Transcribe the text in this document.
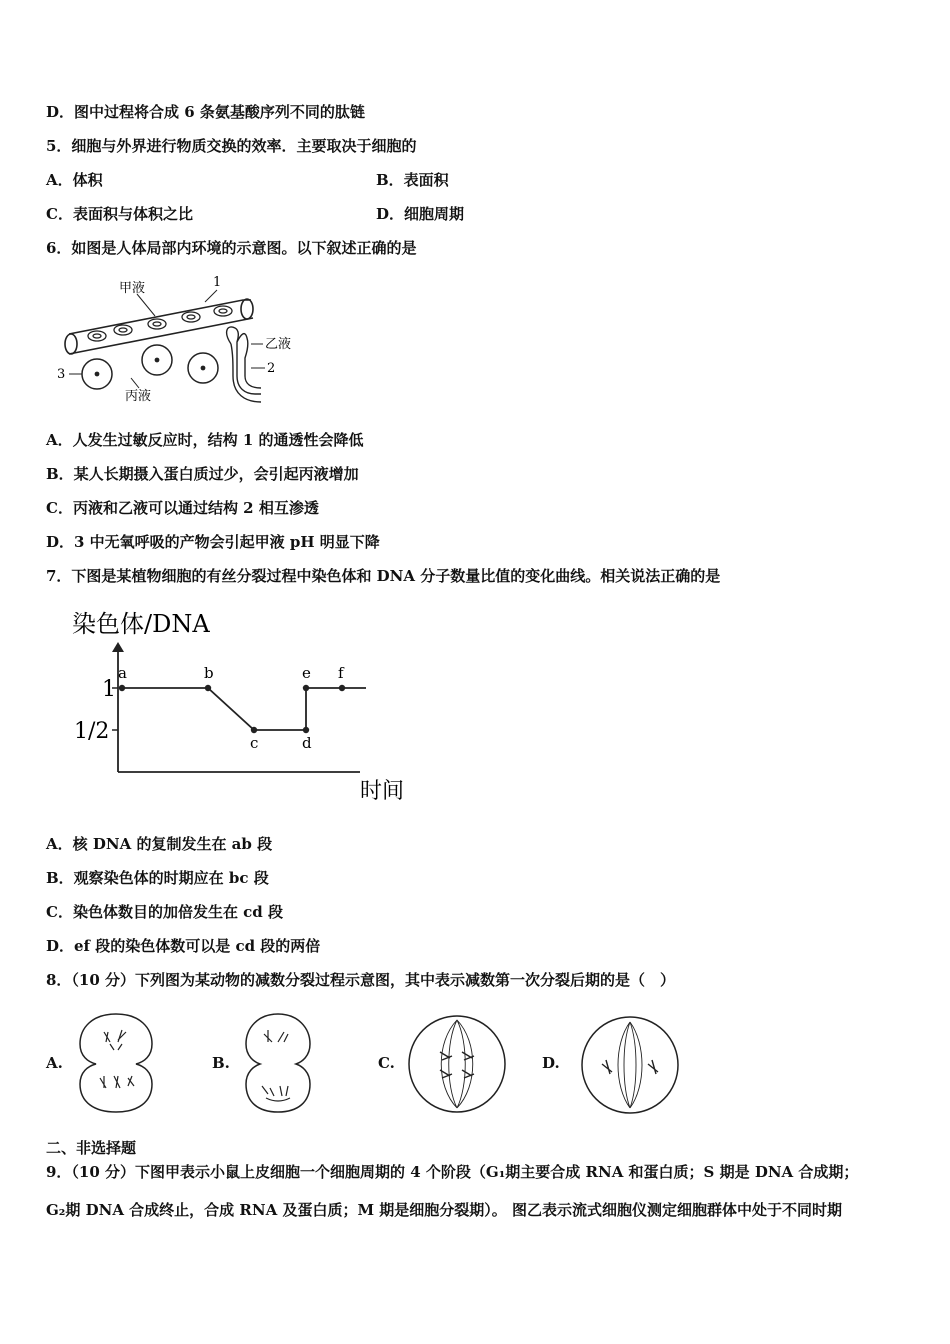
D．图中过程将合成 6 条氨基酸序列不同的肽链
5．细胞与外界进行物质交换的效率．主要取决于细胞的
A．体积	B．表面积
C．表面积与体积之比	D．细胞周期
6．如图是人体局部内环境的示意图。以下叙述正确的是
甲液	1
乙液
2
3
丙液
A．人发生过敏反应时，结构 1 的通透性会降低
B．某人长期摄入蛋白质过少，会引起丙液增加
C．丙液和乙液可以通过结构 2 相互渗透
D．3 中无氧呼吸的产物会引起甲液 pH 明显下降
7．下图是某植物细胞的有丝分裂过程中染色体和 DNA 分子数量比值的变化曲线。相关说法正确的是
染色体/DNA
时间
1
1/2
a	b
c	d
e f
A．核 DNA 的复制发生在 ab 段
B．观察染色体的时期应在 bc 段
C．染色体数目的加倍发生在 cd 段
D．ef 段的染色体数可以是 cd 段的两倍
8．（10 分）下列图为某动物的减数分裂过程示意图，其中表示减数第一次分裂后期的是（　）
A.	B.	C.	D.
二、非选择题
9．（10 分）下图甲表示小鼠上皮细胞一个细胞周期的 4 个阶段（G₁期主要合成 RNA 和蛋白质；S 期是 DNA 合成期；
G₂期 DNA 合成终止，合成 RNA 及蛋白质；M 期是细胞分裂期）。 图乙表示流式细胞仪测定细胞群体中处于不同时期
